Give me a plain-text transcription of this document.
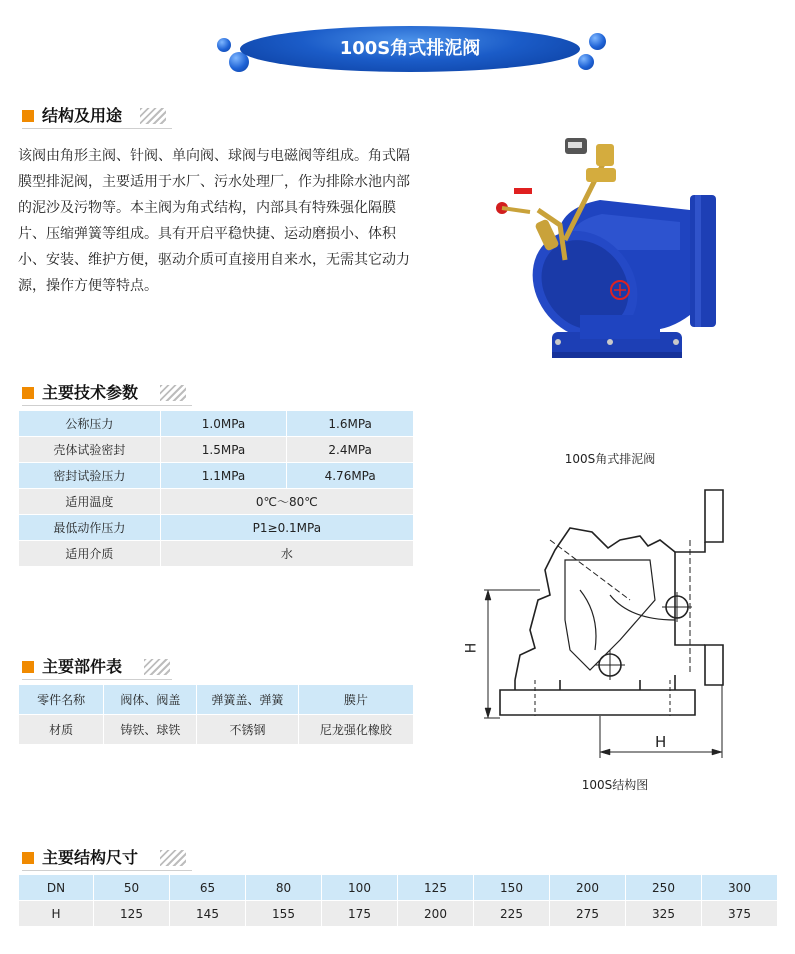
100S角式排泥阀
结构及用途

该阀由角形主阀、针阀、单向阀、球阀与电磁阀等组成。角式隔膜型排泥阀，主要适用于水厂、污水处理厂，作为排除水池内部的泥沙及污物等。本主阀为角式结构，内部具有特殊强化隔膜片、压缩弹簧等组成。具有开启平稳快捷、运动磨损小、体积小、安装、维护方便，驱动介质可直接用自来水，无需其它动力源，操作方便等特点。

100S角式排泥阀
主要技术参数
公称压力	1.0MPa	1.6MPa
壳体试验密封	1.5MPa	2.4MPa
密封试验压力	1.1MPa	4.76MPa
适用温度	0℃～80℃	
最低动作压力	P1≥0.1MPa	
适用介质	水	
主要部件表
零件名称	阀体、阀盖	弹簧盖、弹簧	膜片
材质	铸铁、球铁	不锈钢	尼龙强化橡胶
H
H
100S结构图
主要结构尺寸
DN	50	65	80	100	125	150	200	250	300
H	125	145	155	175	200	225	275	325	375
